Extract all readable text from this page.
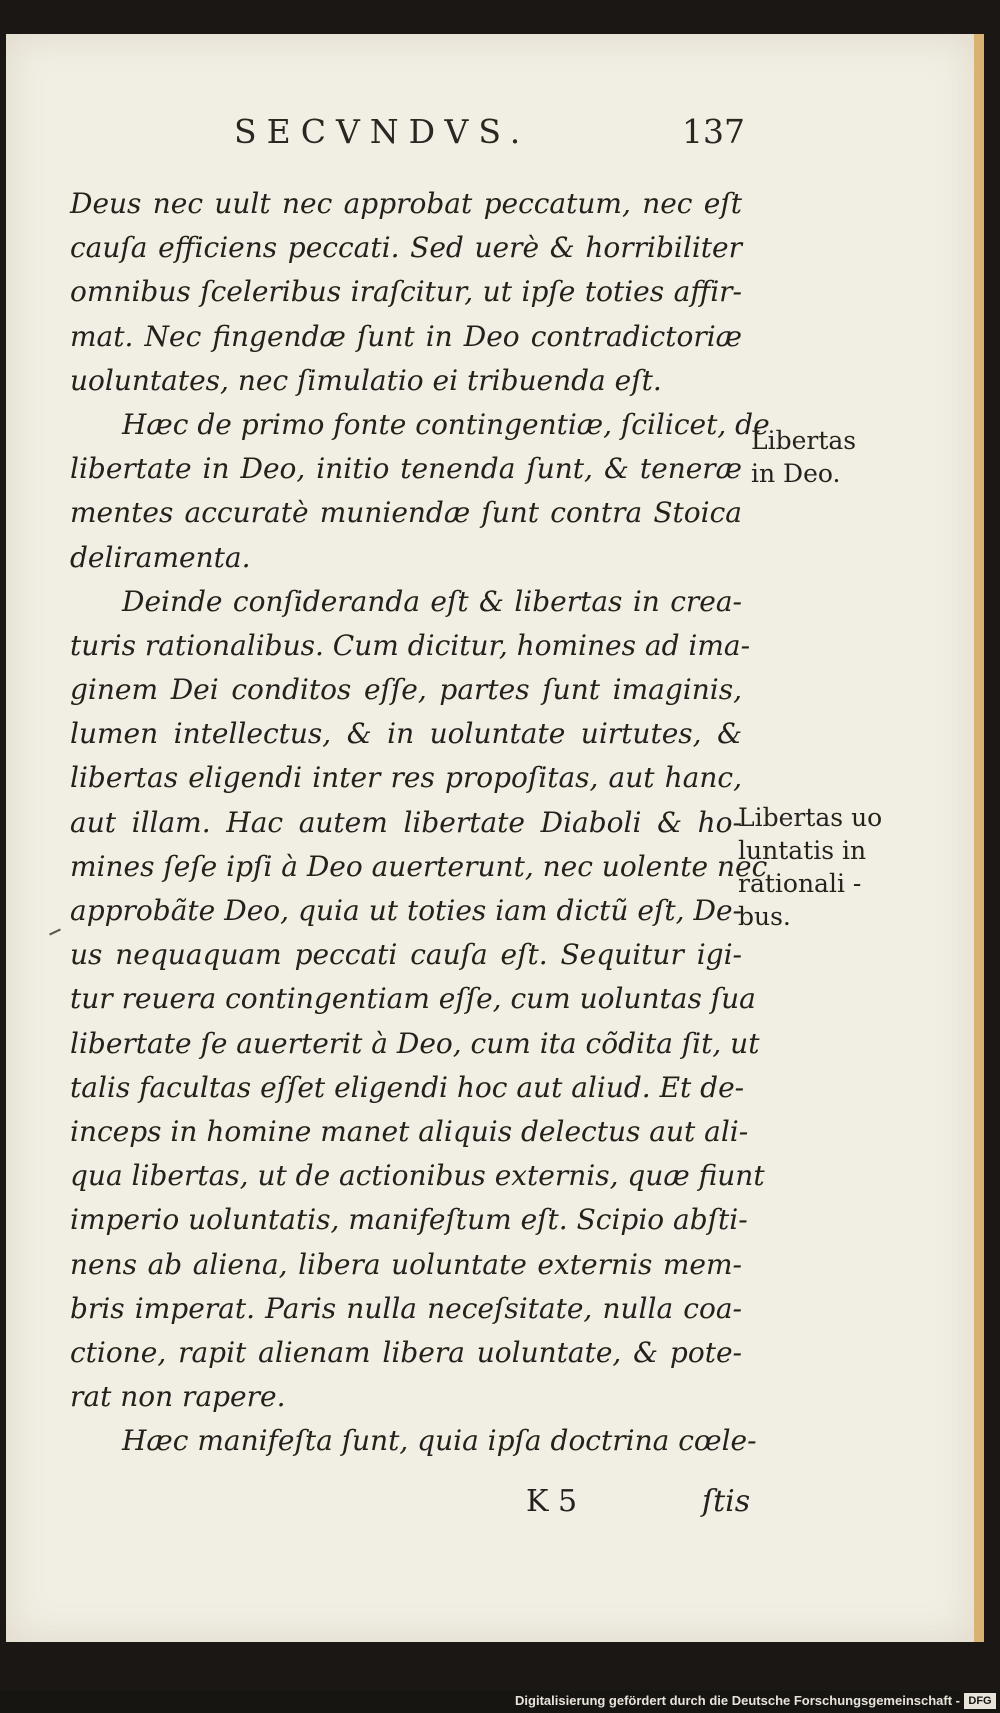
SECVNDVS.	137
Deus nec uult nec approbat peccatum, nec eſt
cauſa efficiens peccati. Sed uerè & horribiliter
omnibus ſceleribus iraſcitur, ut ipſe toties affir-
mat. Nec fingendæ ſunt in Deo contradictoriæ
uoluntates, nec ſimulatio ei tribuenda eſt.
Hæc de primo fonte contingentiæ, ſcilicet, de
libertate in Deo, initio tenenda ſunt, & teneræ
mentes accuratè muniendæ ſunt contra Stoica
deliramenta.
Deinde conſideranda eſt & libertas in crea-
turis rationalibus. Cum dicitur, homines ad ima-
ginem Dei conditos eſſe, partes ſunt imaginis,
lumen intellectus, & in uoluntate uirtutes, &
libertas eligendi inter res propoſitas, aut hanc,
aut illam. Hac autem libertate Diaboli & ho-
mines ſeſe ipſi à Deo auerterunt, nec uolente nec
approbãte Deo, quia ut toties iam dictũ eſt, De-
us nequaquam peccati cauſa eſt. Sequitur igi-
tur reuera contingentiam eſſe, cum uoluntas ſua
libertate ſe auerterit à Deo, cum ita cõdita ſit, ut
talis facultas eſſet eligendi hoc aut aliud. Et de-
inceps in homine manet aliquis delectus aut ali-
qua libertas, ut de actionibus externis, quæ fiunt
imperio uoluntatis, manifeſtum eſt. Scipio abſti-
nens ab aliena, libera uoluntate externis mem-
bris imperat. Paris nulla neceſsitate, nulla coa-
ctione, rapit alienam libera uoluntate, & pote-
rat non rapere.
Hæc manifeſta ſunt, quia ipſa doctrina cœle-
Libertas
in Deo.
Libertas uo
luntatis in
rationali -
bus.
K 5	ſtis
Digitalisierung gefördert durch die Deutsche Forschungsgemeinschaft - DFG
